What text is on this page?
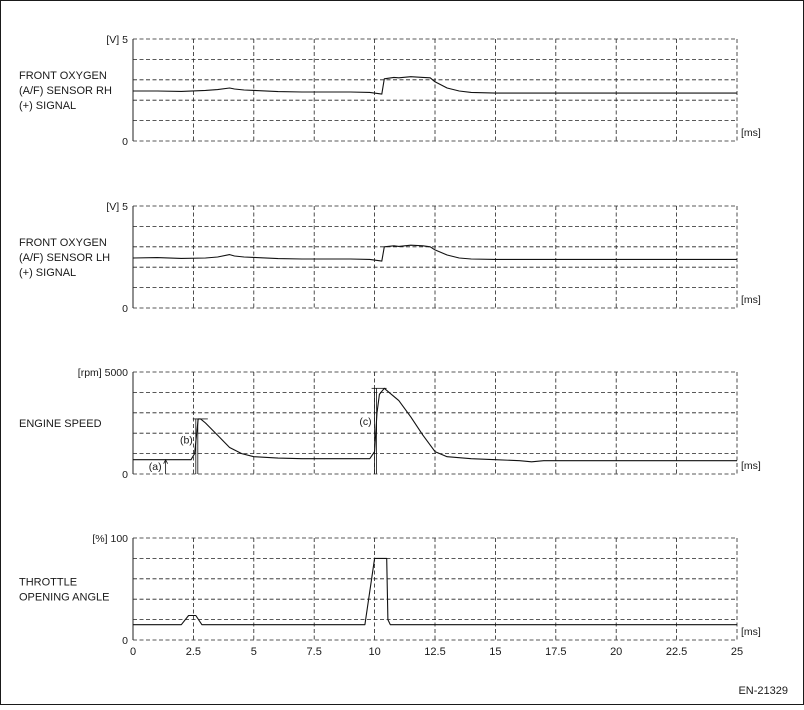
EN-21329
[V] 5
0
[ms]
FRONT OXYGEN
(A/F) SENSOR RH
(+) SIGNAL
[V] 5
0
[ms]
FRONT OXYGEN
(A/F) SENSOR LH
(+) SIGNAL
[rpm] 5000
0
[ms]
ENGINE SPEED
(a)
(b)
(c)
[%] 100
0
[ms]
THROTTLE
OPENING ANGLE
0	2.5	5	7.5	10	12.5	15	17.5	20	22.5	25
